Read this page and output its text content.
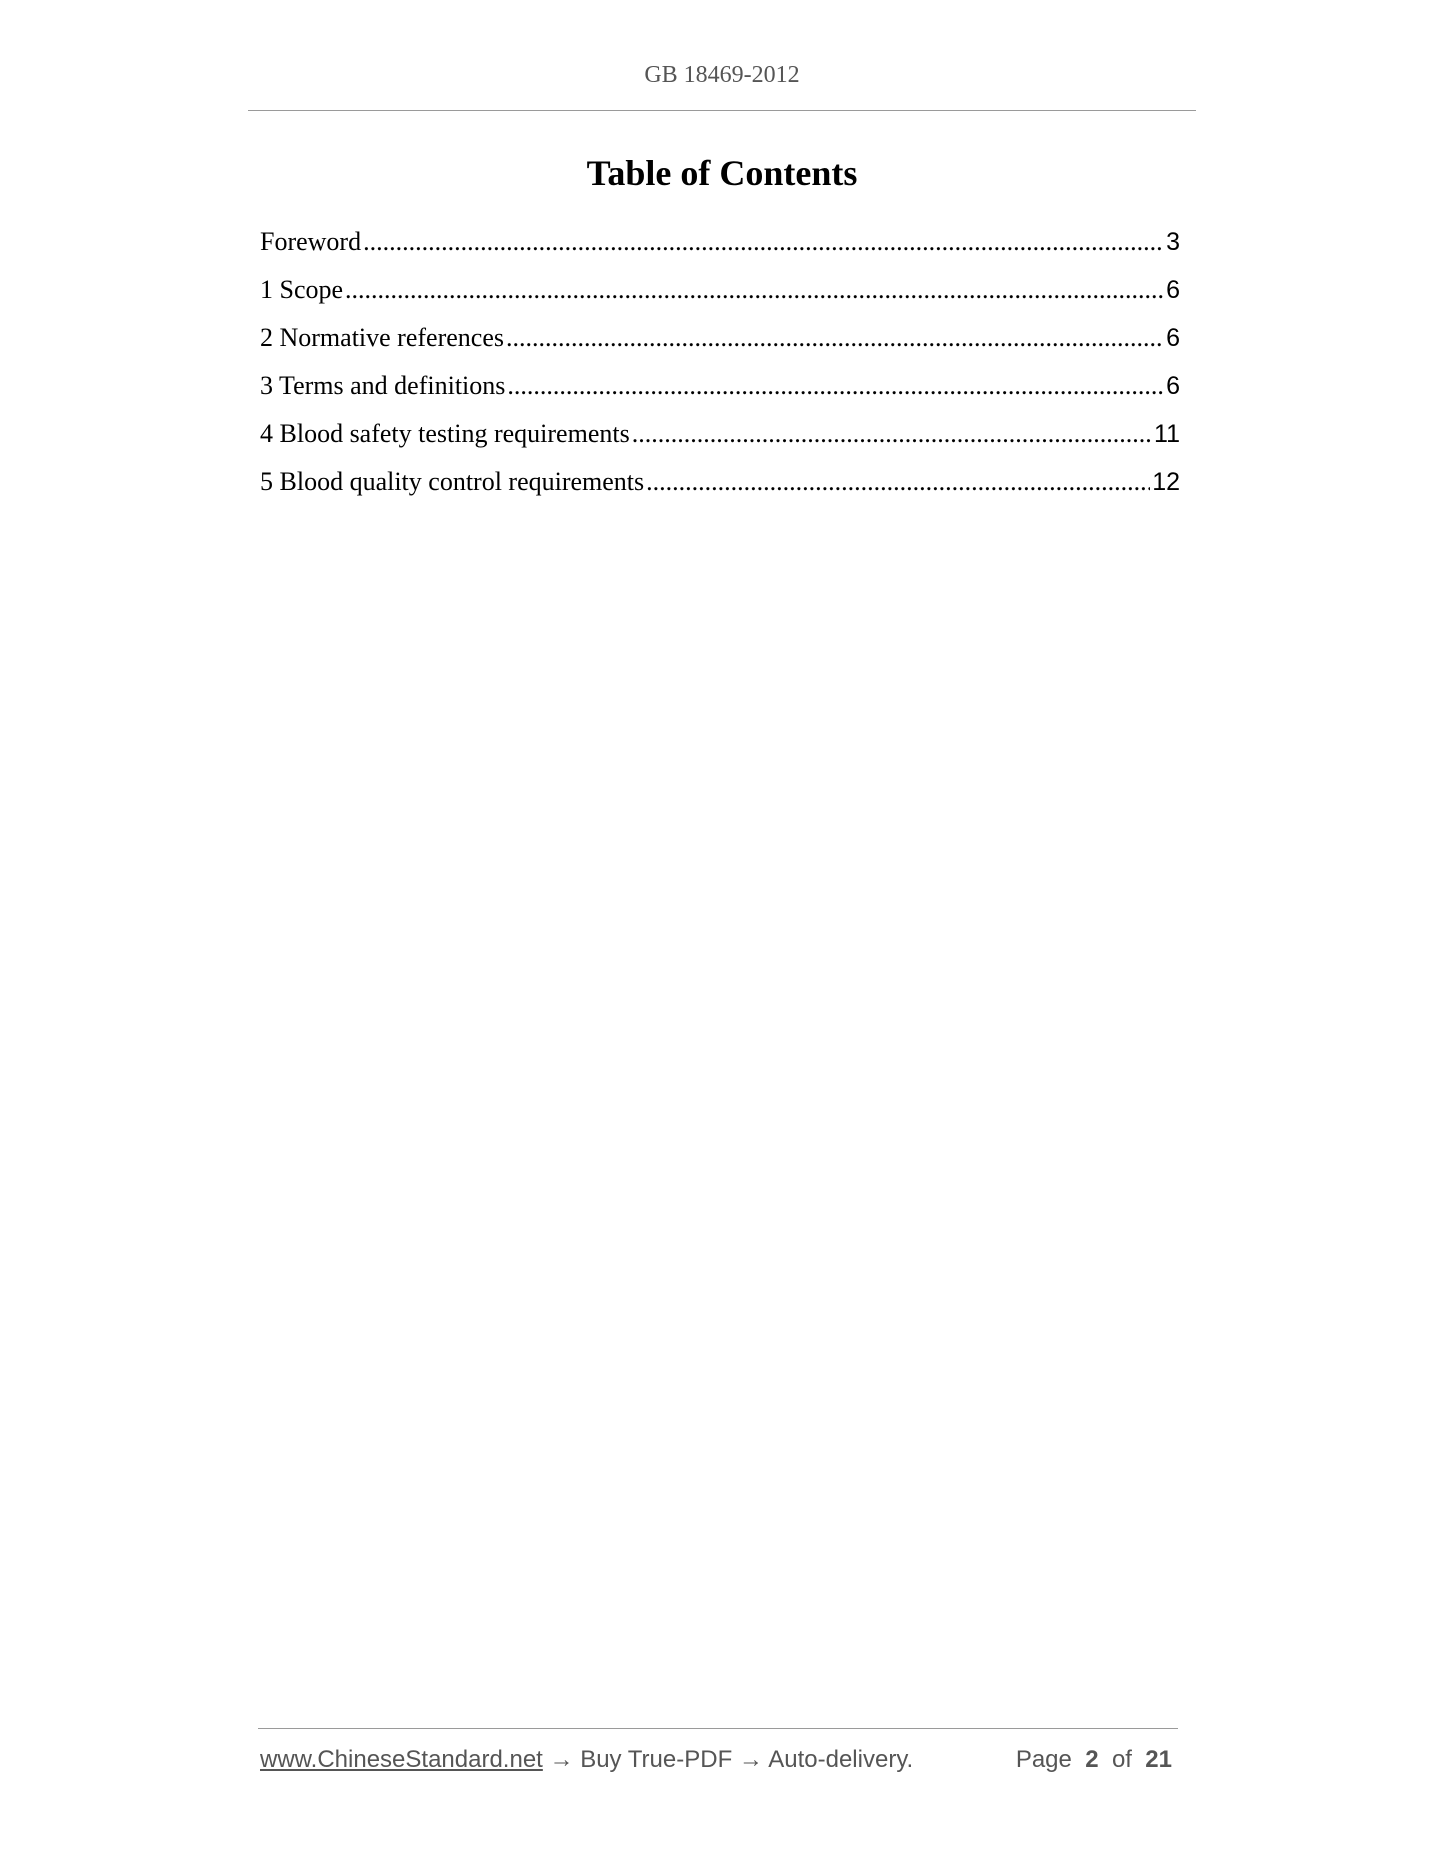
GB 18469-2012
Table of Contents
Foreword .....	3
1 Scope .....	6
2 Normative references .....	6
3 Terms and definitions .....	6
4 Blood safety testing requirements .....	11
5 Blood quality control requirements .....	12
www.ChineseStandard.net → Buy True-PDF → Auto-delivery.	Page 2 of 21
